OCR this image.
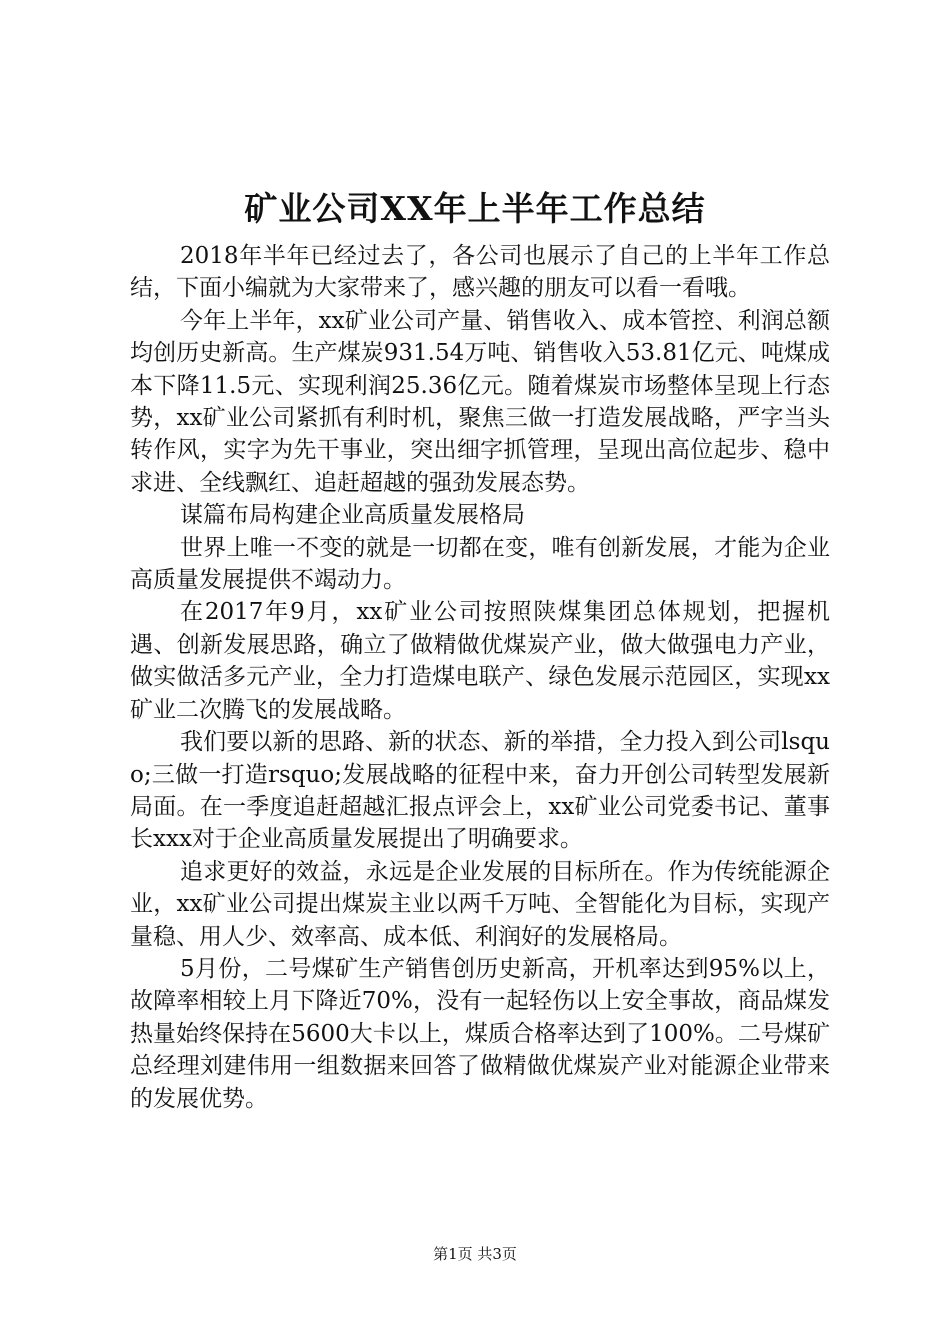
矿业公司XX年上半年工作总结

2018年半年已经过去了，各公司也展示了自己的上半年工作总结，下面小编就为大家带来了，感兴趣的朋友可以看一看哦。

今年上半年，xx矿业公司产量、销售收入、成本管控、利润总额均创历史新高。生产煤炭931.54万吨、销售收入53.81亿元、吨煤成本下降11.5元、实现利润25.36亿元。随着煤炭市场整体呈现上行态势，xx矿业公司紧抓有利时机，聚焦三做一打造发展战略，严字当头转作风，实字为先干事业，突出细字抓管理，呈现出高位起步、稳中求进、全线飘红、追赶超越的强劲发展态势。

谋篇布局构建企业高质量发展格局

世界上唯一不变的就是一切都在变，唯有创新发展，才能为企业高质量发展提供不竭动力。

在2017年9月，xx矿业公司按照陕煤集团总体规划，把握机遇、创新发展思路，确立了做精做优煤炭产业，做大做强电力产业，做实做活多元产业，全力打造煤电联产、绿色发展示范园区，实现xx矿业二次腾飞的发展战略。

我们要以新的思路、新的状态、新的举措，全力投入到公司lsquo;三做一打造rsquo;发展战略的征程中来，奋力开创公司转型发展新局面。在一季度追赶超越汇报点评会上，xx矿业公司党委书记、董事长xxx对于企业高质量发展提出了明确要求。

追求更好的效益，永远是企业发展的目标所在。作为传统能源企业，xx矿业公司提出煤炭主业以两千万吨、全智能化为目标，实现产量稳、用人少、效率高、成本低、利润好的发展格局。

5月份，二号煤矿生产销售创历史新高，开机率达到95%以上，故障率相较上月下降近70%，没有一起轻伤以上安全事故，商品煤发热量始终保持在5600大卡以上，煤质合格率达到了100%。二号煤矿总经理刘建伟用一组数据来回答了做精做优煤炭产业对能源企业带来的发展优势。

第1页 共3页
